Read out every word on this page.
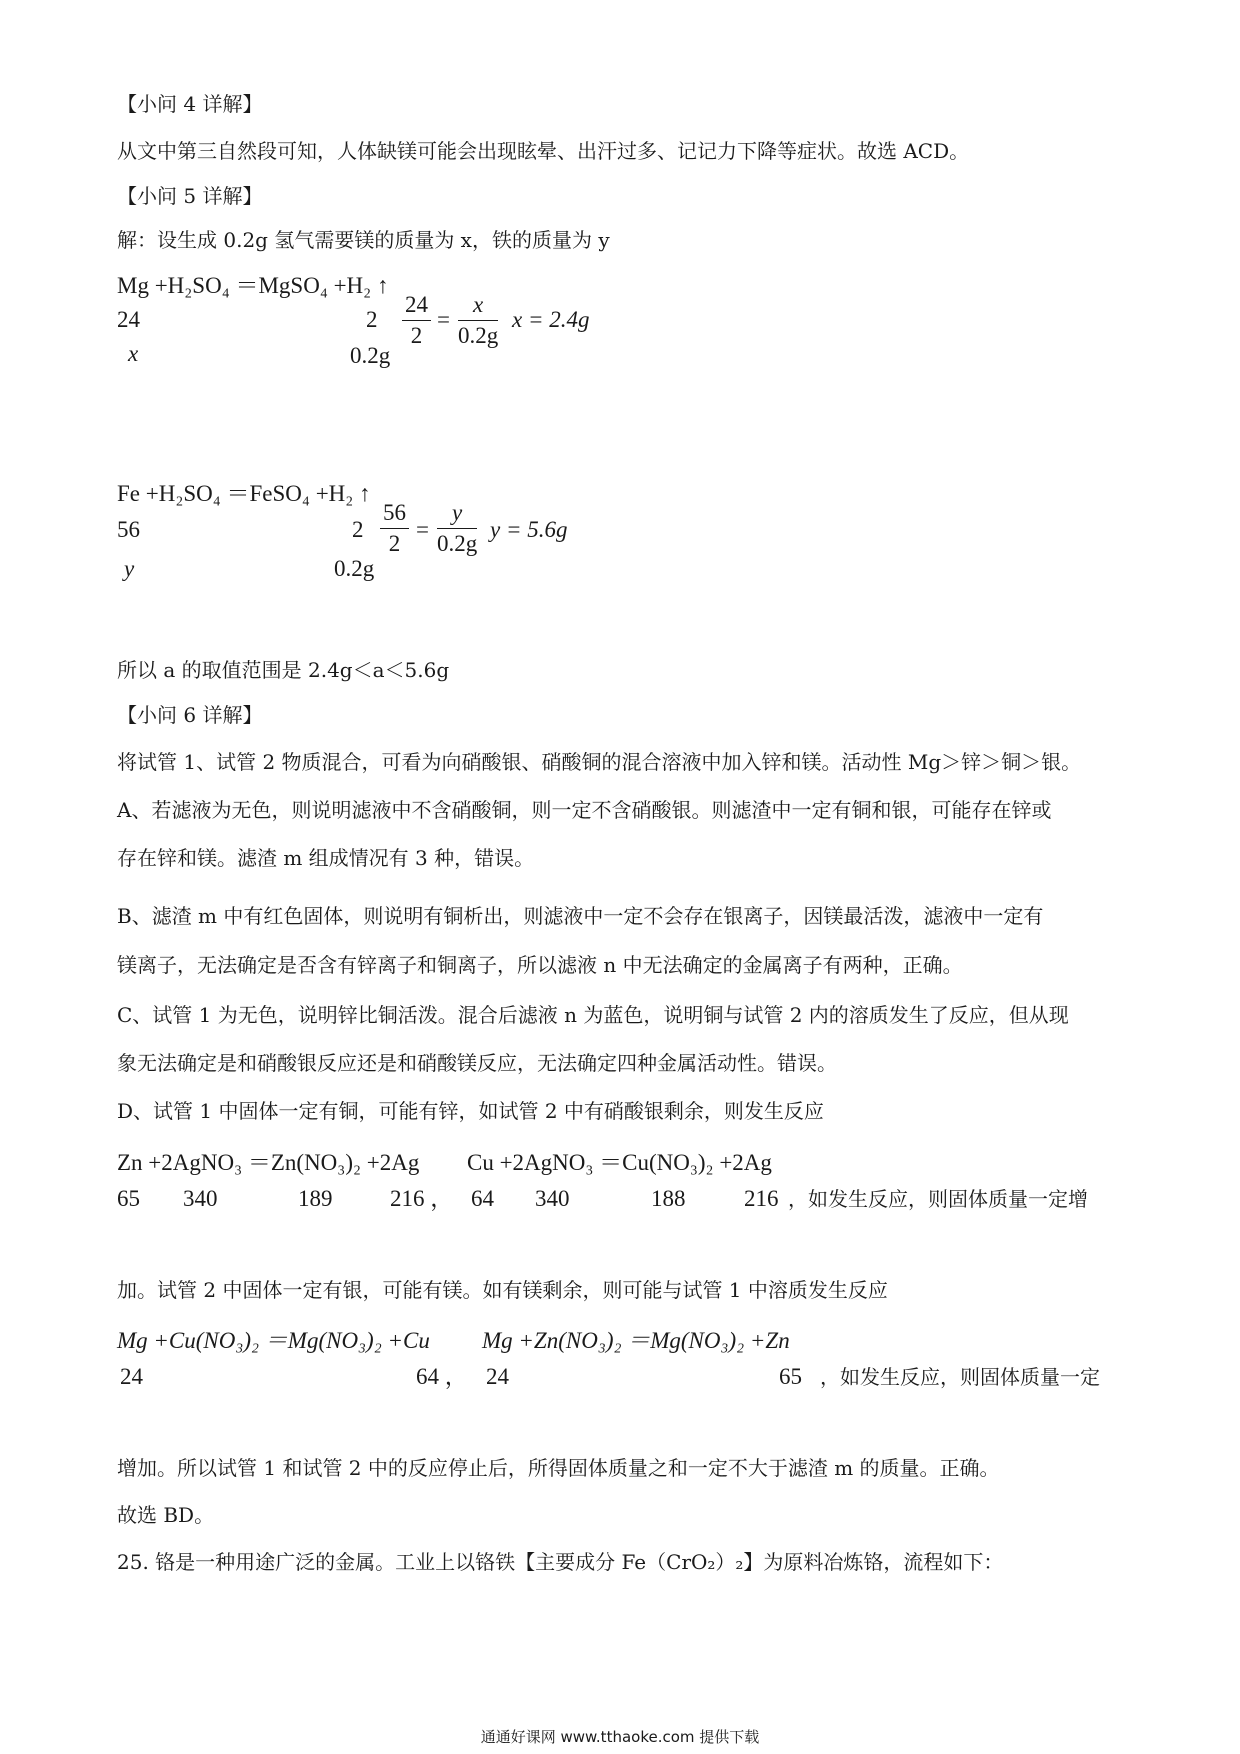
【小问 4 详解】
从文中第三自然段可知，人体缺镁可能会出现眩晕、出汗过多、记记力下降等症状。故选 ACD。
【小问 5 详解】
解：设生成 0.2g 氢气需要镁的质量为 x，铁的质量为 y
Mg +H₂SO₄ ＝MgSO₄ +H₂ ↑
24	2
x	0.2g
$\frac{24}{2} = \frac{x}{0.2g}$ x = 2.4g
Fe +H₂SO₄ ＝FeSO₄ +H₂ ↑
56	2
y	0.2g
$\frac{56}{2} = \frac{y}{0.2g}$ y = 5.6g
所以 a 的取值范围是 2.4g＜a＜5.6g
【小问 6 详解】
将试管 1、试管 2 物质混合，可看为向硝酸银、硝酸铜的混合溶液中加入锌和镁。活动性 Mg＞锌＞铜＞银。
A、若滤液为无色，则说明滤液中不含硝酸铜，则一定不含硝酸银。则滤渣中一定有铜和银，可能存在锌或
存在锌和镁。滤渣 m 组成情况有 3 种，错误。
B、滤渣 m 中有红色固体，则说明有铜析出，则滤液中一定不会存在银离子，因镁最活泼，滤液中一定有
镁离子，无法确定是否含有锌离子和铜离子，所以滤液 n 中无法确定的金属离子有两种，正确。
C、试管 1 为无色，说明锌比铜活泼。混合后滤液 n 为蓝色，说明铜与试管 2 内的溶质发生了反应，但从现
象无法确定是和硝酸银反应还是和硝酸镁反应，无法确定四种金属活动性。错误。
D、试管 1 中固体一定有铜，可能有锌，如试管 2 中有硝酸银剩余，则发生反应
Zn +2AgNO₃ ＝Zn(NO₃)₂ +2Ag Cu +2AgNO₃ ＝Cu(NO₃)₂ +2Ag
65 340	189	216 ， 64 340	188	216 ，如发生反应，则固体质量一定增
加。试管 2 中固体一定有银，可能有镁。如有镁剩余，则可能与试管 1 中溶质发生反应
Mg +Cu(NO₃)₂ ＝Mg(NO₃)₂ +Cu Mg +Zn(NO₃)₂ ＝Mg(NO₃)₂ +Zn
24	64 ， 24	65 ，如发生反应，则固体质量一定
增加。所以试管 1 和试管 2 中的反应停止后，所得固体质量之和一定不大于滤渣 m 的质量。正确。
故选 BD。
25. 铬是一种用途广泛的金属。工业上以铬铁【主要成分 Fe（CrO₂）₂】为原料冶炼铬，流程如下：
通通好课网 www.tthaoke.com 提供下载
